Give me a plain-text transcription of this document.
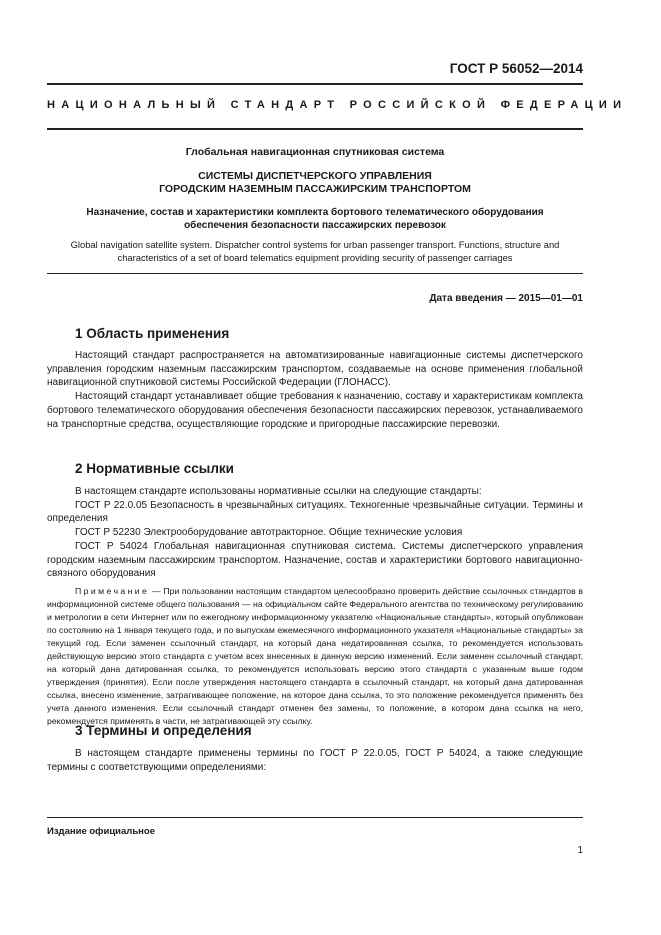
ГОСТ Р 56052—2014
НАЦИОНАЛЬНЫЙ СТАНДАРТ РОССИЙСКОЙ ФЕДЕРАЦИИ
Глобальная навигационная спутниковая система
СИСТЕМЫ ДИСПЕТЧЕРСКОГО УПРАВЛЕНИЯ
ГОРОДСКИМ НАЗЕМНЫМ ПАССАЖИРСКИМ ТРАНСПОРТОМ
Назначение, состав и характеристики комплекта бортового телематического оборудования
обеспечения безопасности пассажирских перевозок
Global navigation satellite system. Dispatcher control systems for urban passenger transport. Functions, structure and
characteristics of a set of board telematics equipment providing security of passenger carriages
Дата введения — 2015—01—01
1 Область применения

Настоящий стандарт распространяется на автоматизированные навигационные системы диспетчерского управления городским наземным пассажирским транспортом, создаваемые на основе применения глобальной навигационной спутниковой системы Российской Федерации (ГЛОНАСС).

Настоящий стандарт устанавливает общие требования к назначению, составу и характеристикам комплекта бортового телематического оборудования обеспечения безопасности пассажирских перевозок, устанавливаемого на транспортные средства, осуществляющие городские и пригородные пассажирские перевозки.

2 Нормативные ссылки

В настоящем стандарте использованы нормативные ссылки на следующие стандарты:

ГОСТ Р 22.0.05 Безопасность в чрезвычайных ситуациях. Техногенные чрезвычайные ситуации. Термины и определения

ГОСТ Р 52230 Электрооборудование автотракторное. Общие технические условия

ГОСТ Р 54024 Глобальная навигационная спутниковая система. Системы диспетчерского управления городским наземным пассажирским транспортом. Назначение, состав и характеристики бортового навигационно-связного оборудования

Примечание — При пользовании настоящим стандартом целесообразно проверить действие ссылочных стандартов в информационной системе общего пользования — на официальном сайте Федерального агентства по техническому регулированию и метрологии в сети Интернет или по ежегодному информационному указателю «Национальные стандарты», который опубликован по состоянию на 1 января текущего года, и по выпускам ежемесячного информационного указателя «Национальные стандарты» за текущий год. Если заменен ссылочный стандарт, на который дана недатированная ссылка, то рекомендуется использовать действующую версию этого стандарта с учетом всех внесенных в данную версию изменений. Если заменен ссылочный стандарт, на который дана датированная ссылка, то рекомендуется использовать версию этого стандарта с указанным выше годом утверждения (принятия). Если после утверждения настоящего стандарта в ссылочный стандарт, на который дана датированная ссылка, внесено изменение, затрагивающее положение, на которое дана ссылка, то это положение рекомендуется применять без учета данного изменения. Если ссылочный стандарт отменен без замены, то положение, в котором дана ссылка на него, рекомендуется применять в части, не затрагивающей эту ссылку.

3 Термины и определения

В настоящем стандарте применены термины по ГОСТ Р 22.0.05, ГОСТ Р 54024, а также следующие термины с соответствующими определениями:

Издание официальное
1
